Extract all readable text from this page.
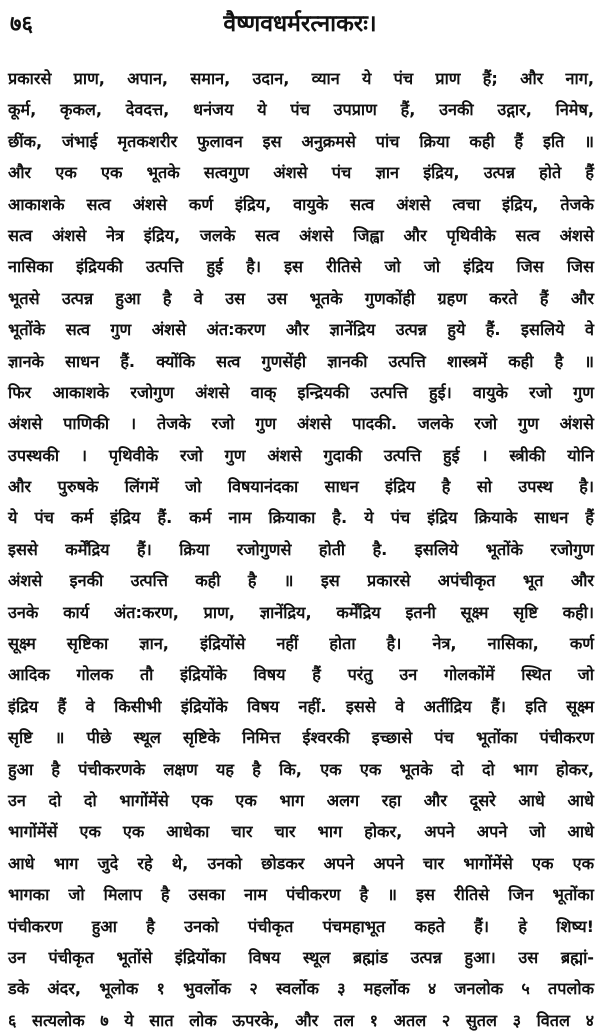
७६	वैष्णवधर्मरत्नाकरः।
प्रकारसे प्राण, अपान, समान, उदान, व्यान ये पंच प्राण हैं; और नाग,
कूर्म, कृकल, देवदत्त, धनंजय ये पंच उपप्राण हैं, उनकी उद्गार, निमेष,
छींक, जंभाई मृतकशरीर फुलावन इस अनुक्रमसे पांच क्रिया कही हैं इति ॥
और एक एक भूतके सत्वगुण अंशसे पंच ज्ञान इंद्रिय, उत्पन्न होते हैं
आकाशके सत्व अंशसे कर्ण इंद्रिय, वायुके सत्व अंशसे त्वचा इंद्रिय, तेजके
सत्व अंशसे नेत्र इंद्रिय, जलके सत्व अंशसे जिह्वा और पृथिवीके सत्व अंशसे
नासिका इंद्रियकी उत्पत्ति हुई है। इस रीतिसे जो जो इंद्रिय जिस जिस
भूतसे उत्पन्न हुआ है वे उस उस भूतके गुणकोंही ग्रहण करते हैं और
भूतोंके सत्व गुण अंशसे अंत:करण और ज्ञानेंद्रिय उत्पन्न हुये हैं. इसलिये वे
ज्ञानके साधन हैं. क्योंकि सत्व गुणसेंही ज्ञानकी उत्पत्ति शास्त्रमें कही है ॥
फिर आकाशके रजोगुण अंशसे वाक् इन्द्रियकी उत्पत्ति हुई। वायुके रजो गुण
अंशसे पाणिकी । तेजके रजो गुण अंशसे पादकी. जलके रजो गुण अंशसे
उपस्थकी । पृथिवीके रजो गुण अंशसे गुदाकी उत्पत्ति हुई । स्त्रीकी योनि
और पुरुषके लिंगमें जो विषयानंदका साधन इंद्रिय है सो उपस्थ है।
ये पंच कर्म इंद्रिय हैं. कर्म नाम क्रियाका है. ये पंच इंद्रिय क्रियाके साधन हैं
इससे कर्मेंद्रिय हैं। क्रिया रजोगुणसे होती है. इसलिये भूतोंके रजोगुण
अंशसे इनकी उत्पत्ति कही है ॥ इस प्रकारसे अपंचीकृत भूत और
उनके कार्य अंत:करण, प्राण, ज्ञानेंद्रिय, कर्मेंद्रिय इतनी सूक्ष्म सृष्टि कही।
सूक्ष्म सृष्टिका ज्ञान, इंद्रियोंसे नहीं होता है। नेत्र, नासिका, कर्ण
आदिक गोलक तौ इंद्रियोंके विषय हैं परंतु उन गोलकोंमें स्थित जो
इंद्रिय हैं वे किसीभी इंद्रियोंके विषय नहीं. इससे वे अतींद्रिय हैं। इति सूक्ष्म
सृष्टि ॥ पीछे स्थूल सृष्टिके निमित्त ईश्वरकी इच्छासे पंच भूतोंका पंचीकरण
हुआ है पंचीकरणके लक्षण यह है कि, एक एक भूतके दो दो भाग होकर,
उन दो दो भागोंमेंसे एक एक भाग अलग रहा और दूसरे आधे आधे
भागोंमेंसें एक एक आधेका चार चार भाग होकर, अपने अपने जो आधे
आधे भाग जुदे रहे थे, उनको छोडकर अपने अपने चार भागोंमेंसे एक एक
भागका जो मिलाप है उसका नाम पंचीकरण है ॥ इस रीतिसे जिन भूतोंका
पंचीकरण हुआ है उनको पंचीकृत पंचमहाभूत कहते हैं। हे शिष्य!
उन पंचीकृत भूतोंसे इंद्रियोंका विषय स्थूल ब्रह्मांड उत्पन्न हुआ। उस ब्रह्मां-
डके अंदर, भूलोक १ भुवर्लोक २ स्वर्लोक ३ महर्लोक ४ जनलोक ५ तपलोक
६ सत्यलोक ७ ये सात लोक ऊपरके, और तल १ अतल २ सुतल ३ वितल ४
